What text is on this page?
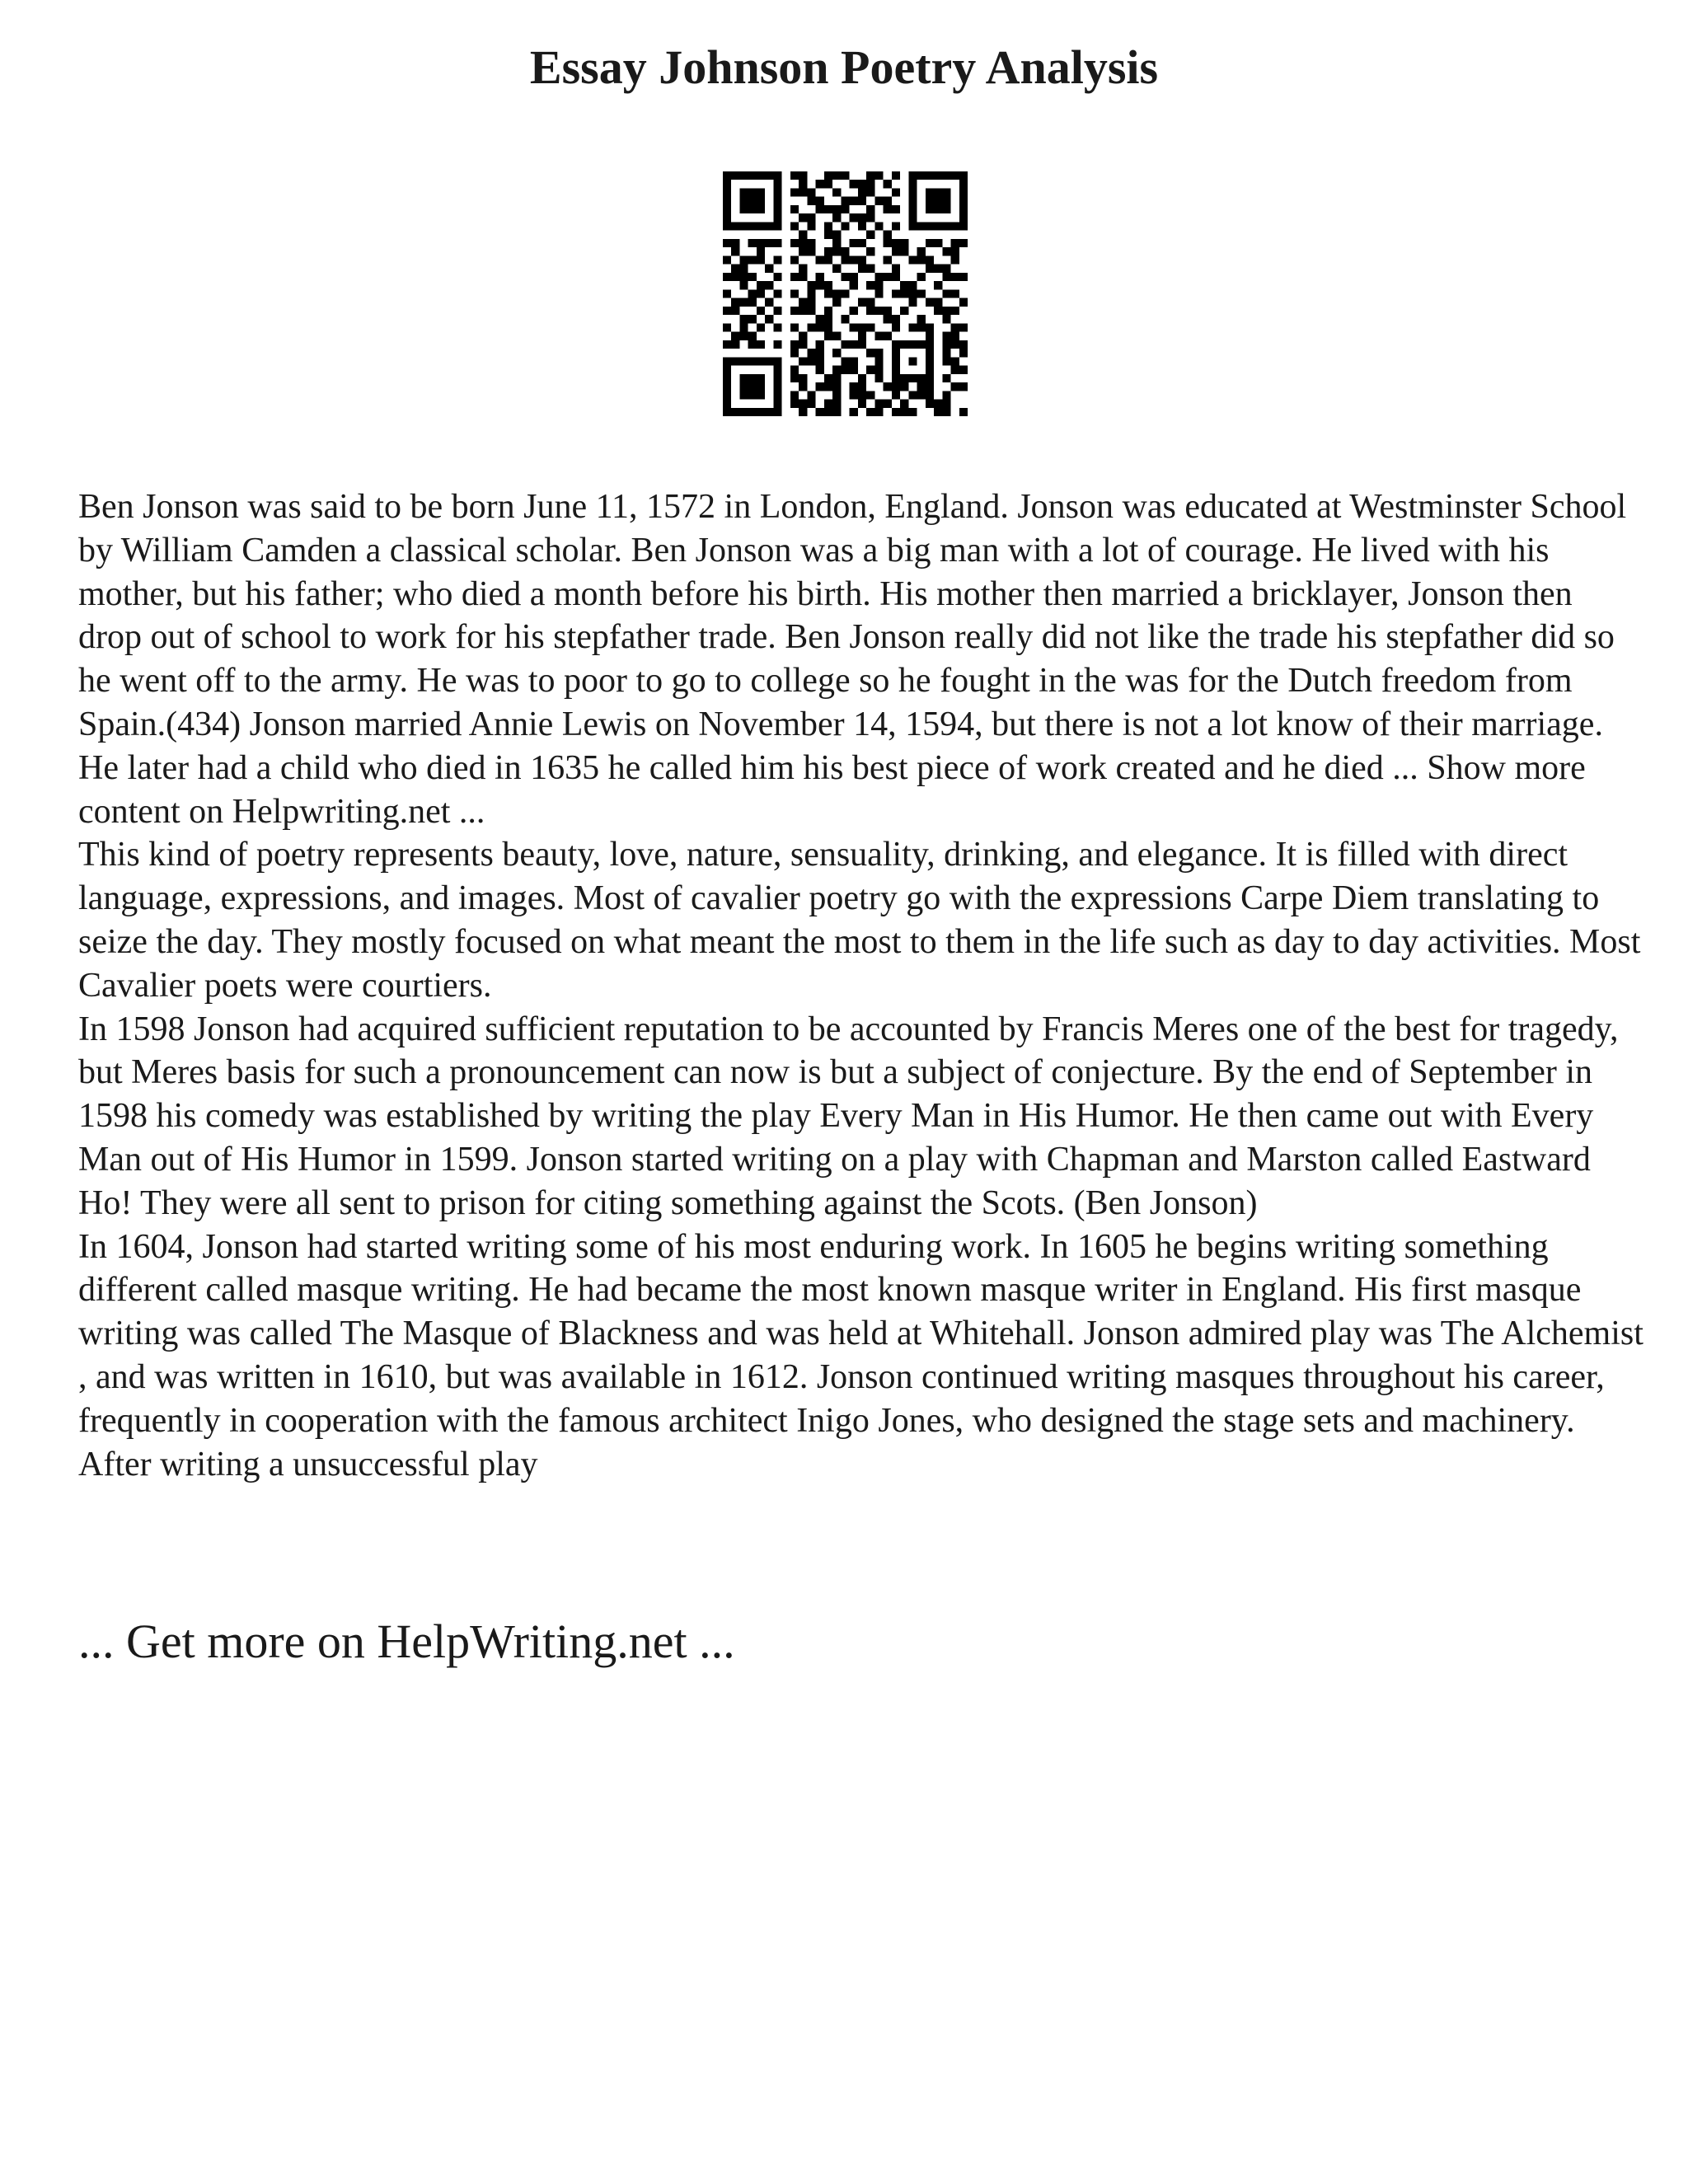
Essay Johnson Poetry Analysis

Ben Jonson was said to be born June 11, 1572 in London, England. Jonson was educated at Westminster School by William Camden a classical scholar. Ben Jonson was a big man with a lot of courage. He lived with his mother, but his father; who died a month before his birth. His mother then married a bricklayer, Jonson then drop out of school to work for his stepfather trade. Ben Jonson really did not like the trade his stepfather did so he went off to the army. He was to poor to go to college so he fought in the was for the Dutch freedom from Spain.(434) Jonson married Annie Lewis on November 14, 1594, but there is not a lot know of their marriage. He later had a child who died in 1635 he called him his best piece of work created and he died ... Show more content on Helpwriting.net ...

This kind of poetry represents beauty, love, nature, sensuality, drinking, and elegance. It is filled with direct language, expressions, and images. Most of cavalier poetry go with the expressions Carpe Diem translating to seize the day. They mostly focused on what meant the most to them in the life such as day to day activities. Most Cavalier poets were courtiers.

In 1598 Jonson had acquired sufficient reputation to be accounted by Francis Meres one of the best for tragedy, but Meres basis for such a pronouncement can now is but a subject of conjecture. By the end of September in 1598 his comedy was established by writing the play Every Man in His Humor. He then came out with Every Man out of His Humor in 1599. Jonson started writing on a play with Chapman and Marston called Eastward Ho! They were all sent to prison for citing something against the Scots. (Ben Jonson)

In 1604, Jonson had started writing some of his most enduring work. In 1605 he begins writing something different called masque writing. He had became the most known masque writer in England. His first masque writing was called The Masque of Blackness and was held at Whitehall. Jonson admired play was The Alchemist , and was written in 1610, but was available in 1612. Jonson continued writing masques throughout his career, frequently in cooperation with the famous architect Inigo Jones, who designed the stage sets and machinery. After writing a unsuccessful play

... Get more on HelpWriting.net ...
